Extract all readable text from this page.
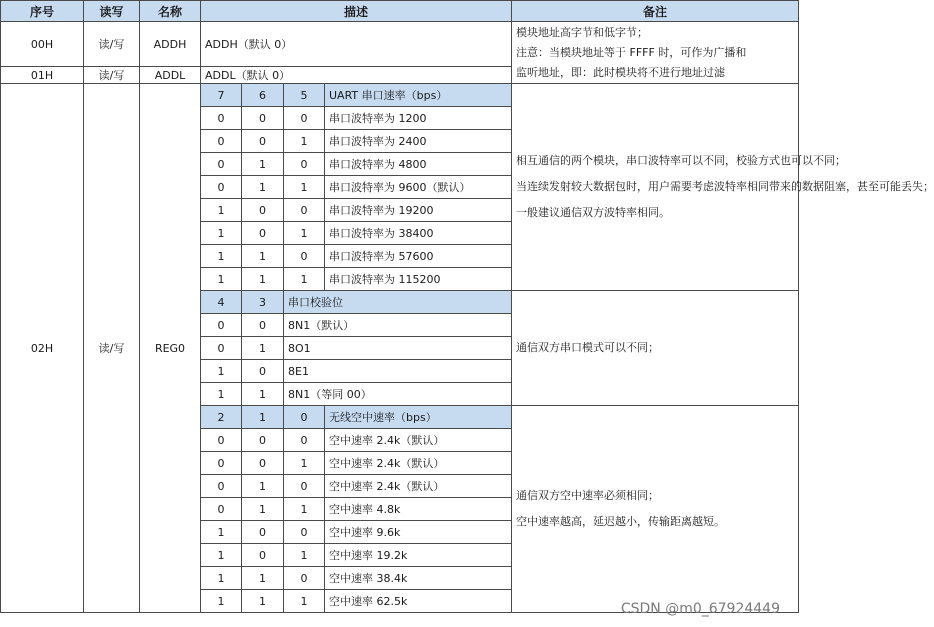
序号	读写	名称	描述				备注
00H	读/写	ADDH	ADDH（默认 0）				模块地址高字节和低字节；
注意：当模块地址等于 FFFF 时，可作为广播和
监听地址，即：此时模块将不进行地址过滤

01H	读/写	ADDL	ADDL（默认 0）				
02H	读/写	REG0	7	6	5	UART 串口速率（bps）	相互通信的两个模块，串口波特率可以不同，校验方式也可以不同；

当连续发射较大数据包时，用户需要考虑波特率相同带来的数据阻塞，甚至可能丢失；

一般建议通信双方波特率相同。

			0	0	0	串口波特率为 1200	
			0	0	1	串口波特率为 2400	
			0	1	0	串口波特率为 4800	
			0	1	1	串口波特率为 9600（默认）	
			1	0	0	串口波特率为 19200	
			1	0	1	串口波特率为 38400	
			1	1	0	串口波特率为 57600	
			1	1	1	串口波特率为 115200	
			4	3	串口校验位		通信双方串口模式可以不同；
			0	0	8N1（默认）		
			0	1	8O1		
			1	0	8E1		
			1	1	8N1（等同 00）		
			2	1	0	无线空中速率（bps）	通信双方空中速率必须相同；

空中速率越高，延迟越小，传输距离越短。

			0	0	0	空中速率 2.4k（默认）	
			0	0	1	空中速率 2.4k（默认）	
			0	1	0	空中速率 2.4k（默认）	
			0	1	1	空中速率 4.8k	
			1	0	0	空中速率 9.6k	
			1	0	1	空中速率 19.2k	
			1	1	0	空中速率 38.4k	
			1	1	1	空中速率 62.5k		CSDN @m0_67924449
